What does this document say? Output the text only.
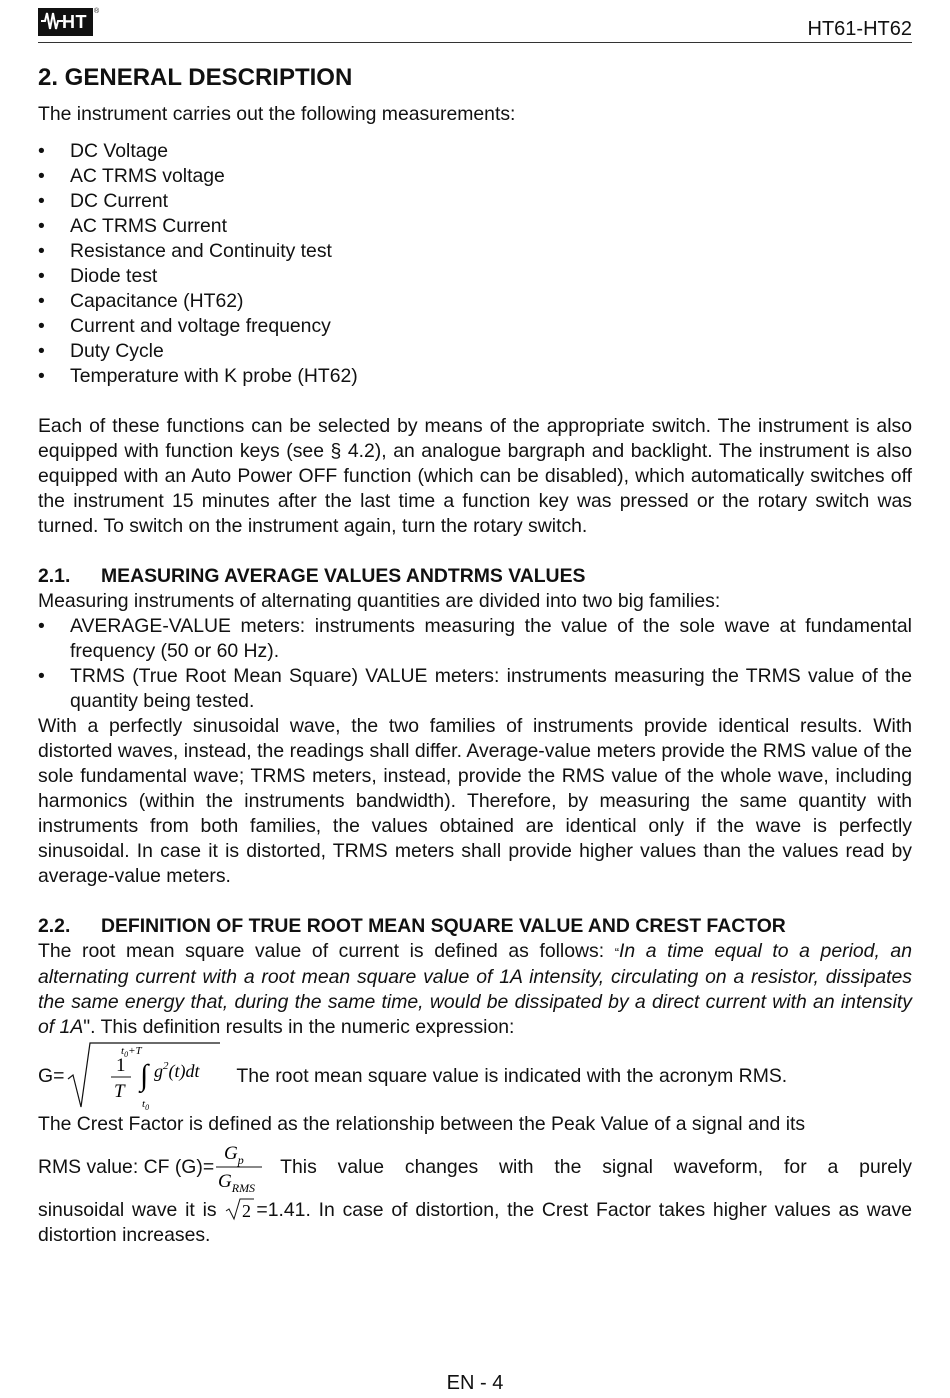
HT
®
HT61-HT62
2. GENERAL DESCRIPTION

The instrument carries out the following measurements:

• DC Voltage
• AC TRMS voltage
• DC Current
• AC TRMS Current
• Resistance and Continuity test
• Diode test
• Capacitance (HT62)
• Current and voltage frequency
• Duty Cycle
• Temperature with K probe (HT62)

Each of these functions can be selected by means of the appropriate switch. The instrument is also equipped with function keys (see § 4.2), an analogue bargraph and backlight. The instrument is also equipped with an Auto Power OFF function (which can be disabled), which automatically switches off the instrument 15 minutes after the last time a function key was pressed or the rotary switch was turned. To switch on the instrument again, turn the rotary switch.

2.1.	MEASURING AVERAGE VALUES ANDTRMS VALUES

Measuring instruments of alternating quantities are divided into two big families:

• AVERAGE-VALUE meters: instruments measuring the value of the sole wave at fundamental frequency (50 or 60 Hz).
• TRMS (True Root Mean Square) VALUE meters: instruments measuring the TRMS value of the quantity being tested.

With a perfectly sinusoidal wave, the two families of instruments provide identical results. With distorted waves, instead, the readings shall differ. Average-value meters provide the RMS value of the sole fundamental wave; TRMS meters, instead, provide the RMS value of the whole wave, including harmonics (within the instruments bandwidth). Therefore, by measuring the same quantity with instruments from both families, the values obtained are identical only if the wave is perfectly sinusoidal. In case it is distorted, TRMS meters shall provide higher values than the values read by average-value meters.

2.2.	DEFINITION OF TRUE ROOT MEAN SQUARE VALUE AND CREST FACTOR

The root mean square value of current is defined as follows: “In a time equal to a period, an alternating current with a root mean square value of 1A intensity, circulating on a resistor, dissipates the same energy that, during the same time, would be dissipated by a direct current with an intensity of 1A". This definition results in the numeric expression:

G=
$t_0+T$
1
T ∫ $g^2(t)dt$
$t_0$
The root mean square value is indicated with the acronym RMS.

The Crest Factor is defined as the relationship between the Peak Value of a signal and its

RMS value: CF (G)=
$G_p$
$G_{RMS}$
This value changes with the signal waveform, for a purely

sinusoidal wave it is 2 =1.41. In case of distortion, the Crest Factor takes higher values as wave distortion increases.

EN - 4
